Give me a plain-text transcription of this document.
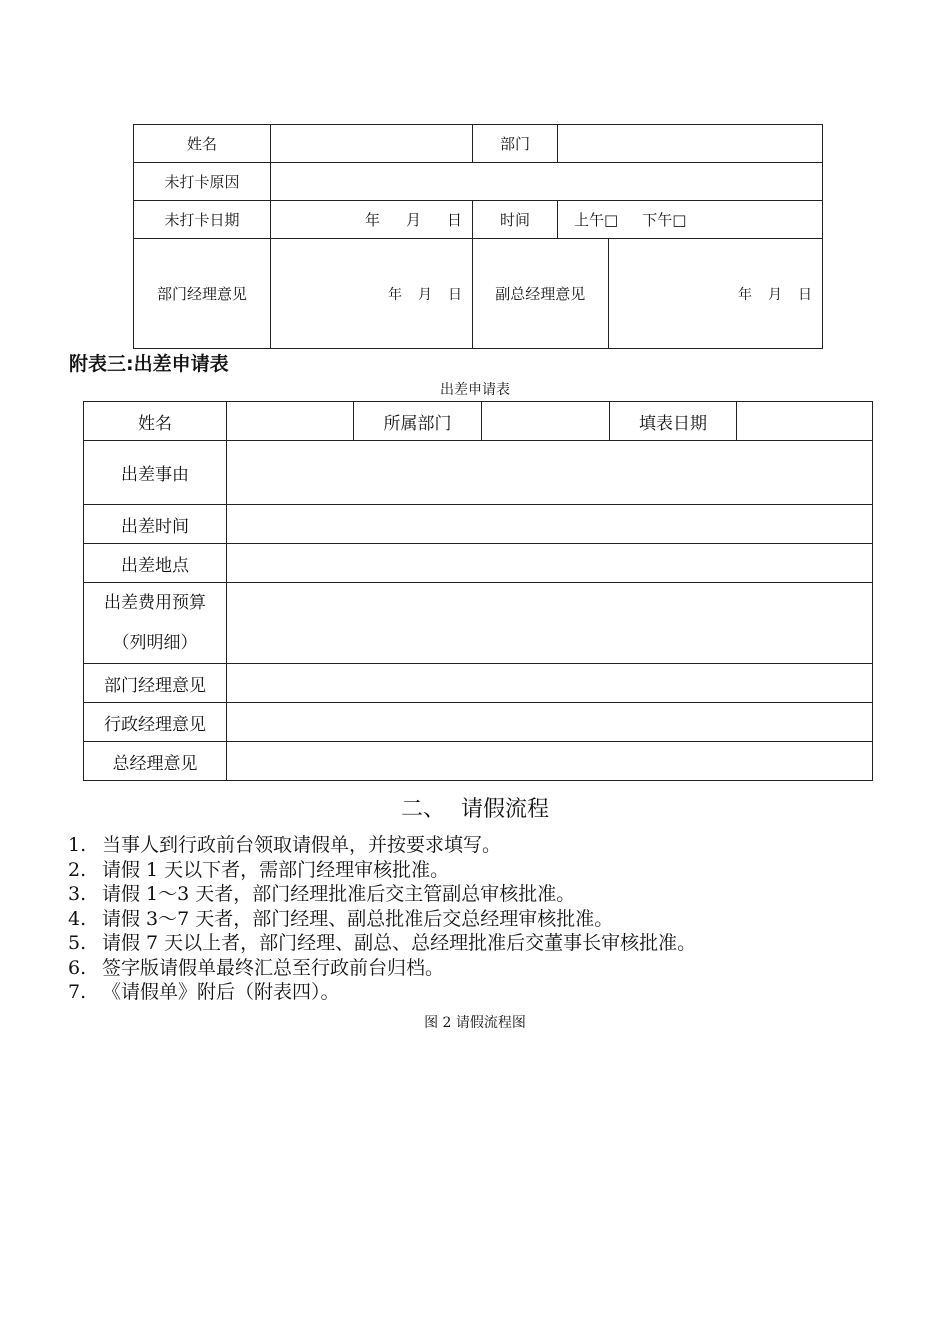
姓名		部门	
未打卡原因	
未打卡日期	年 月 日	时间	上午□ 下午□
部门经理意见	年 月 日	副总经理意见	年 月 日
附表三:出差申请表
出差申请表
姓名		所属部门		填表日期	
出差事由					
出差时间					
出差地点					

出差费用预算
（列明细）					

部门经理意见					
行政经理意见					
总经理意见					
二、 请假流程
1. 当事人到行政前台领取请假单，并按要求填写。
2. 请假 1 天以下者，需部门经理审核批准。
3. 请假 1～3 天者，部门经理批准后交主管副总审核批准。
4. 请假 3～7 天者，部门经理、副总批准后交总经理审核批准。
5. 请假 7 天以上者，部门经理、副总、总经理批准后交董事长审核批准。
6. 签字版请假单最终汇总至行政前台归档。
7. 《请假单》附后（附表四）。
图 2 请假流程图
